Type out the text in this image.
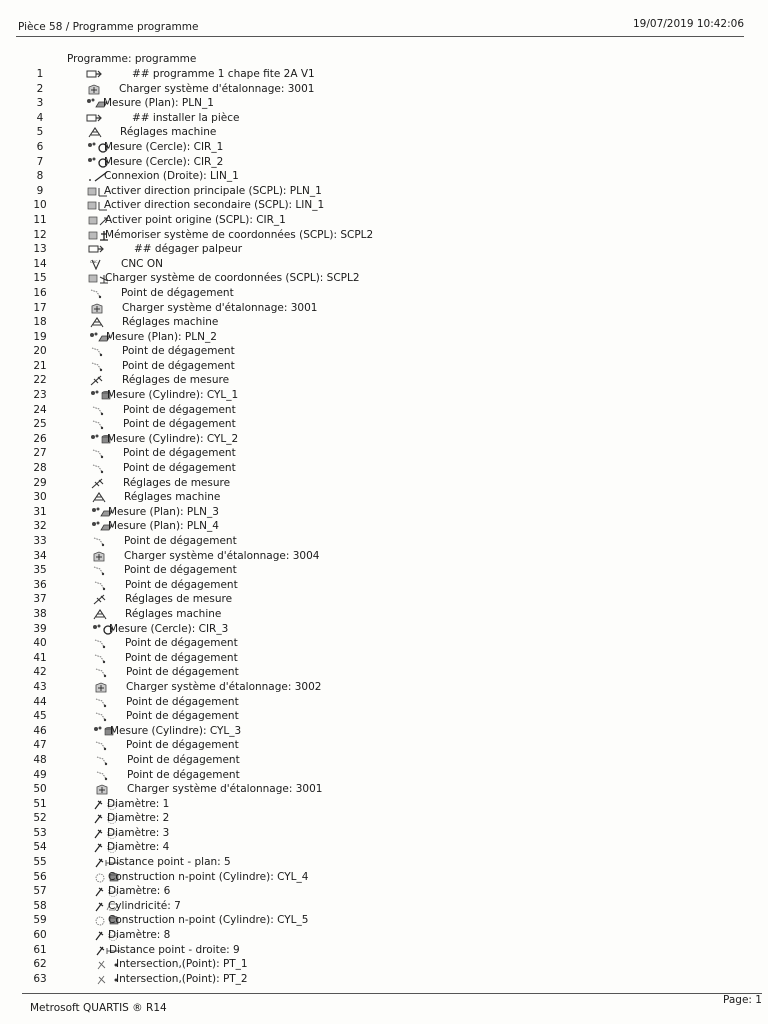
Pièce 58 / Programme programme	19/07/2019 10:42:06
Programme: programme
1	## programme 1 chape fite 2A V1
2	Charger système d'étalonnage: 3001
3	Mesure (Plan): PLN_1
4	## installer la pièce
5	Réglages machine
6	Mesure (Cercle): CIR_1
7	Mesure (Cercle): CIR_2
8	Connexion (Droite): LIN_1
9	Activer direction principale (SCPL): PLN_1
10	Activer direction secondaire (SCPL): LIN_1
11	Activer point origine (SCPL): CIR_1
12	Mémoriser système de coordonnées (SCPL): SCPL2
13	## dégager palpeur
14	CNC CNC ON
15	Charger système de coordonnées (SCPL): SCPL2
16	Point de dégagement
17	Charger système d'étalonnage: 3001
18	Réglages machine
19	Mesure (Plan): PLN_2
20	Point de dégagement
21	Point de dégagement
22	Réglages de mesure
23	Mesure (Cylindre): CYL_1
24	Point de dégagement
25	Point de dégagement
26	Mesure (Cylindre): CYL_2
27	Point de dégagement
28	Point de dégagement
29	Réglages de mesure
30	Réglages machine
31	Mesure (Plan): PLN_3
32	Mesure (Plan): PLN_4
33	Point de dégagement
34	Charger système d'étalonnage: 3004
35	Point de dégagement
36	Point de dégagement
37	Réglages de mesure
38	Réglages machine
39	Mesure (Cercle): CIR_3
40	Point de dégagement
41	Point de dégagement
42	Point de dégagement
43	Charger système d'étalonnage: 3002
44	Point de dégagement
45	Point de dégagement
46	Mesure (Cylindre): CYL_3
47	Point de dégagement
48	Point de dégagement
49	Point de dégagement
50	Charger système d'étalonnage: 3001
51	Diamètre: 1
52	Diamètre: 2
53	Diamètre: 3
54	Diamètre: 4
55	Distance point - plan: 5
56	Construction n-point (Cylindre): CYL_4
57	Diamètre: 6
58	Cylindricité: 7
59	Construction n-point (Cylindre): CYL_5
60	Diamètre: 8
61	Distance point - droite: 9
62	Intersection,(Point): PT_1
63	Intersection,(Point): PT_2
Metrosoft QUARTIS ® R14
Page: 1
